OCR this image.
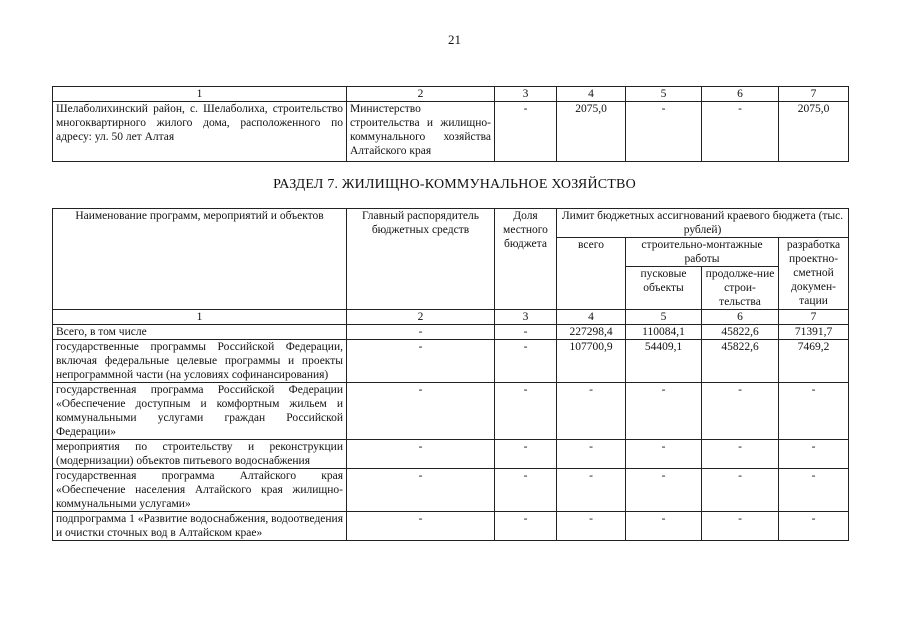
21
1	2	3	4	5	6	7
Шелаболихинский район, с. Шелаболиха, строительство многоквартирного жилого дома, расположенного по адресу: ул. 50 лет Алтая	Министерство строительства и жилищно-коммунального хозяйства Алтайского края	-	2075,0	-	-	2075,0
РАЗДЕЛ 7. ЖИЛИЩНО-КОММУНАЛЬНОЕ ХОЗЯЙСТВО
Наименование программ, мероприятий и объектов	Главный распорядитель бюджетных средств	Доля местного бюджета	Лимит бюджетных ассигнований краевого бюджета (тыс. рублей)			
			всего	строительно-монтажные работы		разработка проектно-сметной докумен-тации
				пусковые объекты	продолже-ние строи-тельства	
1	2	3	4	5	6	7
Всего, в том числе	-	-	227298,4	110084,1	45822,6	71391,7
государственные программы Российской Федерации, включая федеральные целевые программы и проекты непрограммной части (на условиях софинансирования)	-	-	107700,9	54409,1	45822,6	7469,2
государственная программа Российской Федерации «Обеспечение доступным и комфортным жильем и коммунальными услугами граждан Российской Федерации»	-	-	-	-	-	-
мероприятия по строительству и реконструкции (модернизации) объектов питьевого водоснабжения	-	-	-	-	-	-
государственная программа Алтайского края «Обеспечение населения Алтайского края жилищно-коммунальными услугами»	-	-	-	-	-	-
подпрограмма 1 «Развитие водоснабжения, водоотведения и очистки сточных вод в Алтайском крае»	-	-	-	-	-	-
